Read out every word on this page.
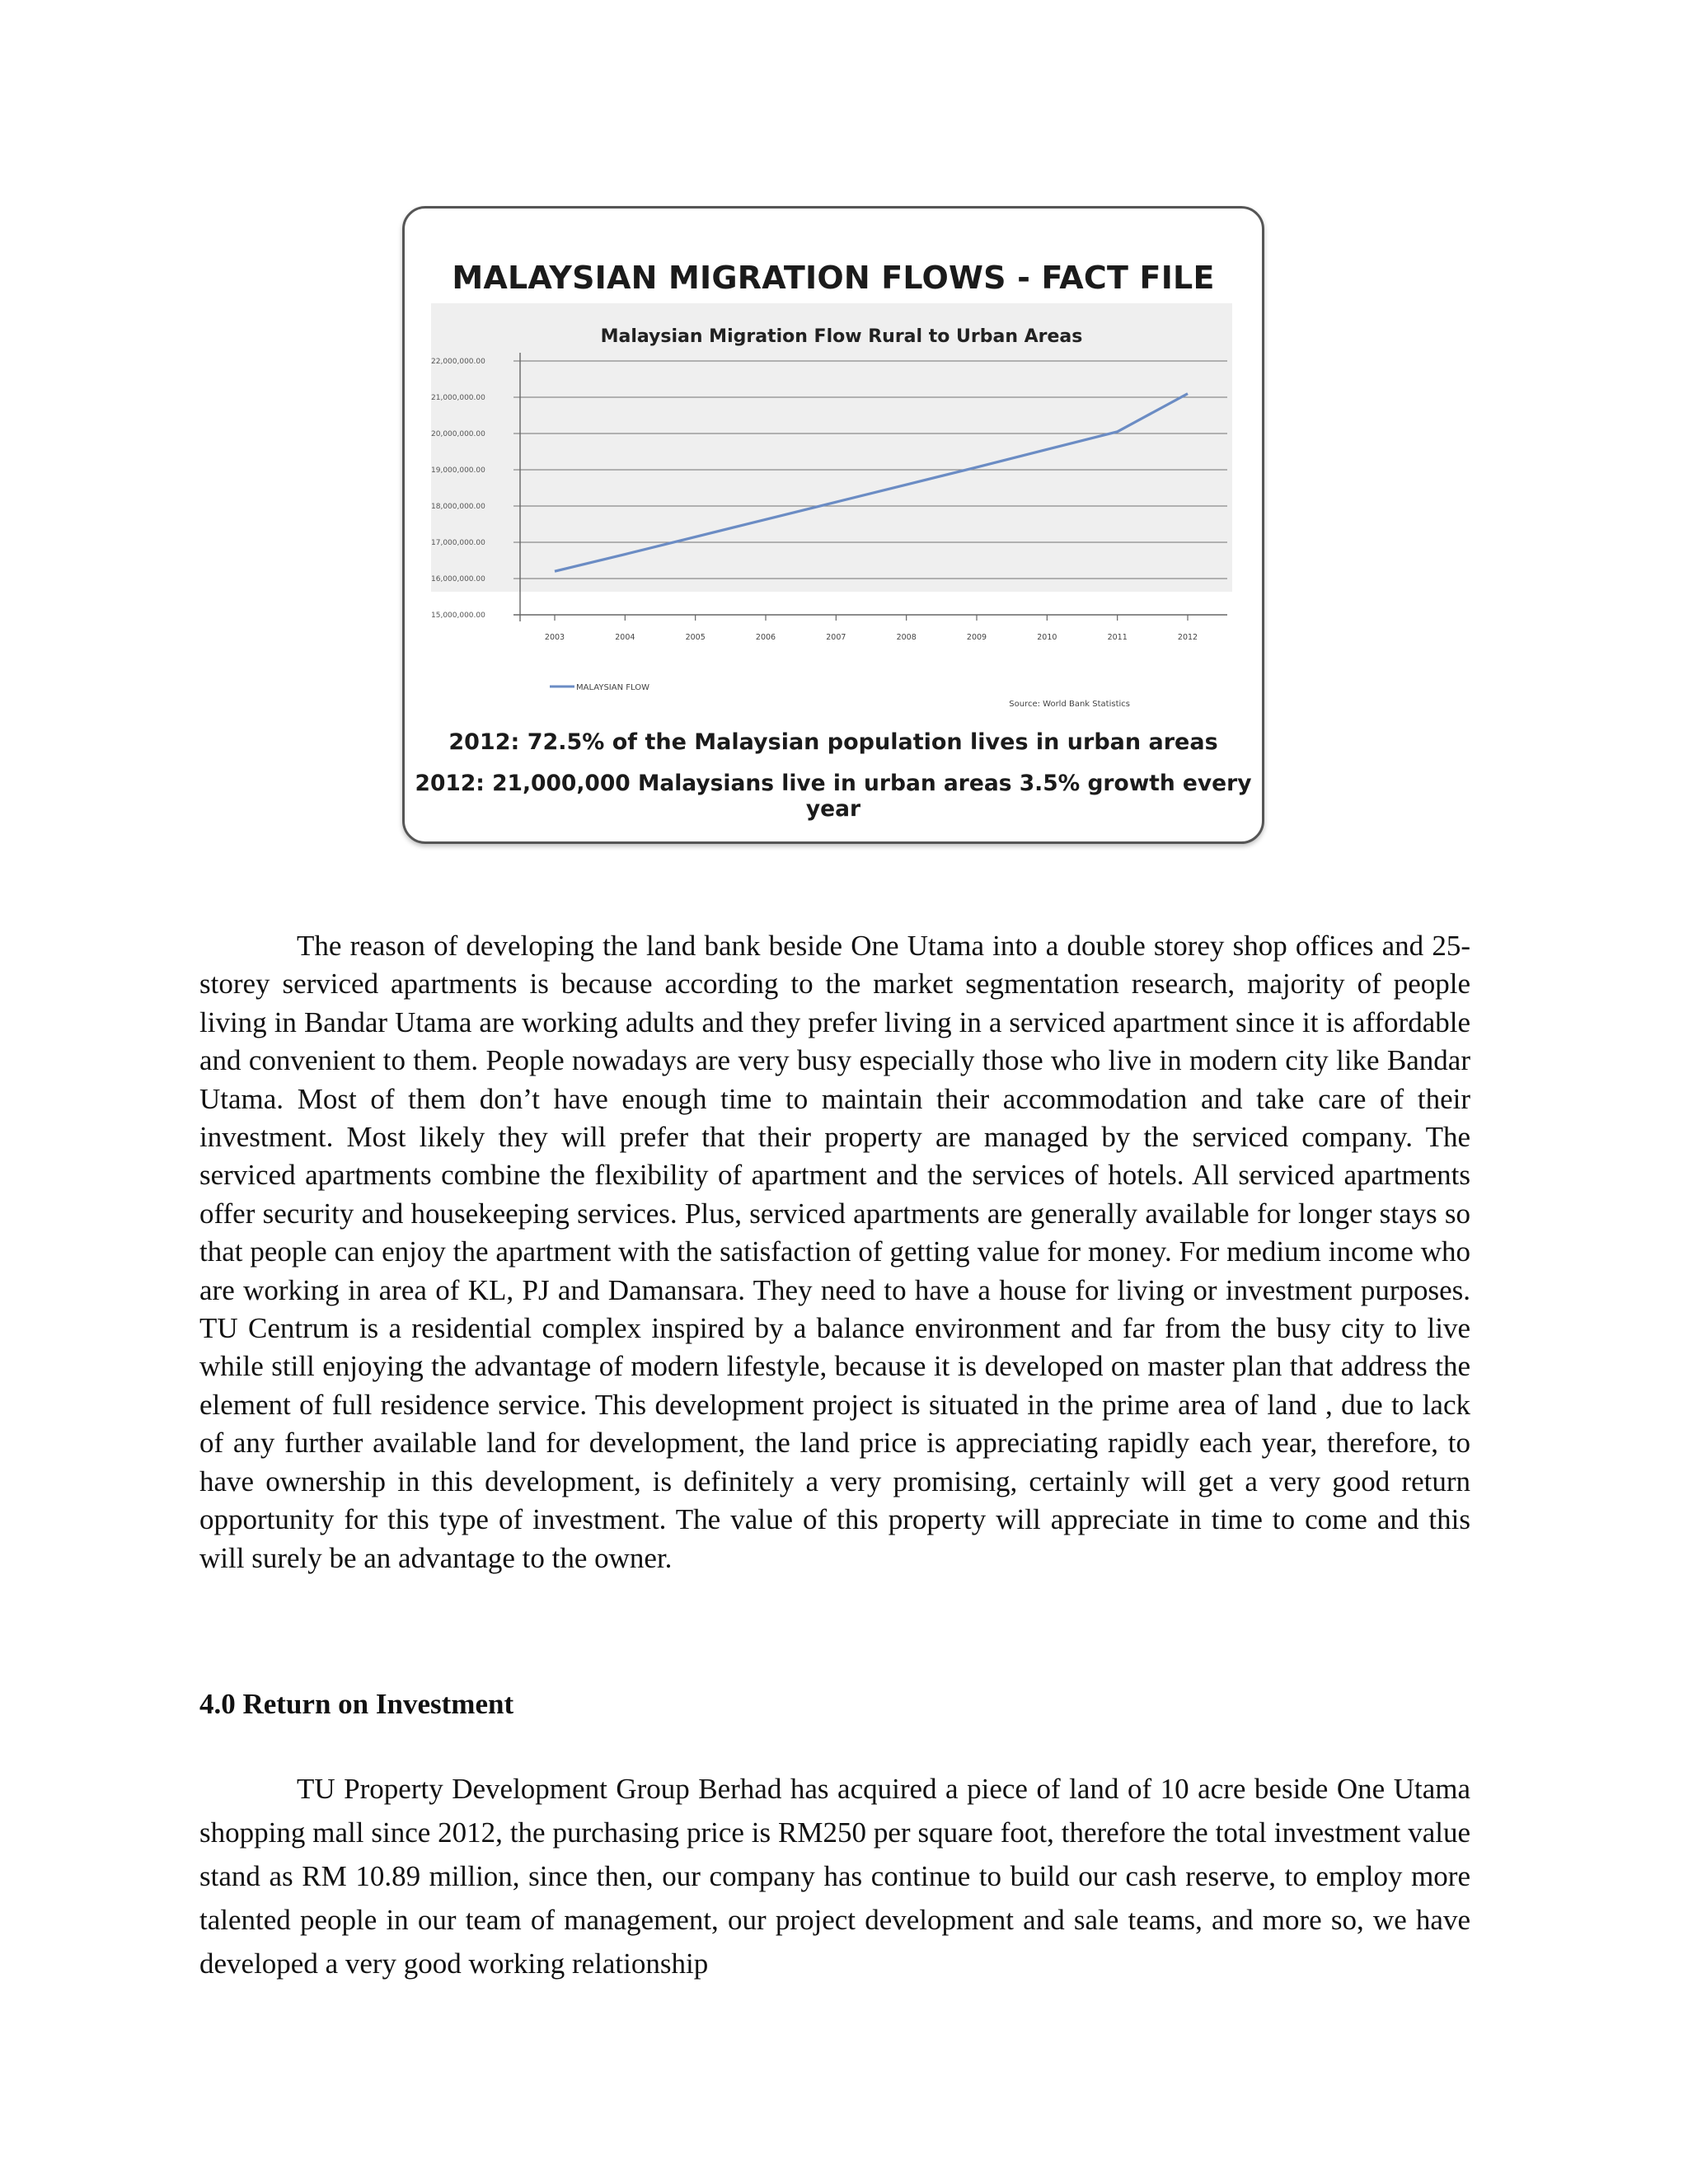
MALAYSIAN MIGRATION FLOWS - FACT FILE
Malaysian Migration Flow Rural to Urban Areas
15,000,000.00
16,000,000.00
17,000,000.00
18,000,000.00
19,000,000.00
20,000,000.00
21,000,000.00
22,000,000.00
2003	2004	2005	2006	2007	2008	2009	2010	2011	2012
MALAYSIAN FLOW
Source: World Bank Statistics
2012: 72.5% of the Malaysian population lives in urban areas
2012: 21,000,000 Malaysians live in urban areas 3.5% growth every year

The reason of developing the land bank beside One Utama into a double storey shop offices and 25-storey serviced apartments is because according to the market segmentation research, majority of people living in Bandar Utama are working adults and they prefer living in a serviced apartment since it is affordable and convenient to them. People nowadays are very busy especially those who live in modern city like Bandar Utama. Most of them don’t have enough time to maintain their accommodation and take care of their investment. Most likely they will prefer that their property are managed by the serviced company. The serviced apartments combine the flexibility of apartment and the services of hotels. All serviced apartments offer security and housekeeping services. Plus, serviced apartments are generally available for longer stays so that people can enjoy the apartment with the satisfaction of getting value for money. For medium income who are working in area of KL, PJ and Damansara. They need to have a house for living or investment purposes. TU Centrum is a residential complex inspired by a balance environment and far from the busy city to live while still enjoying the advantage of modern lifestyle, because it is developed on master plan that address the element of full residence service. This development project is situated in the prime area of land , due to lack of any further available land for development, the land price is appreciating rapidly each year, therefore, to have ownership in this development, is definitely a very promising, certainly will get a very good return opportunity for this type of investment. The value of this property will appreciate in time to come and this will surely be an advantage to the owner.

4.0 Return on Investment

TU Property Development Group Berhad has acquired a piece of land of 10 acre beside One Utama shopping mall since 2012, the purchasing price is RM250 per square foot, therefore the total investment value stand as RM 10.89 million, since then, our company has continue to build our cash reserve, to employ more talented people in our team of management, our project development and sale teams, and more so, we have developed a very good working relationship
